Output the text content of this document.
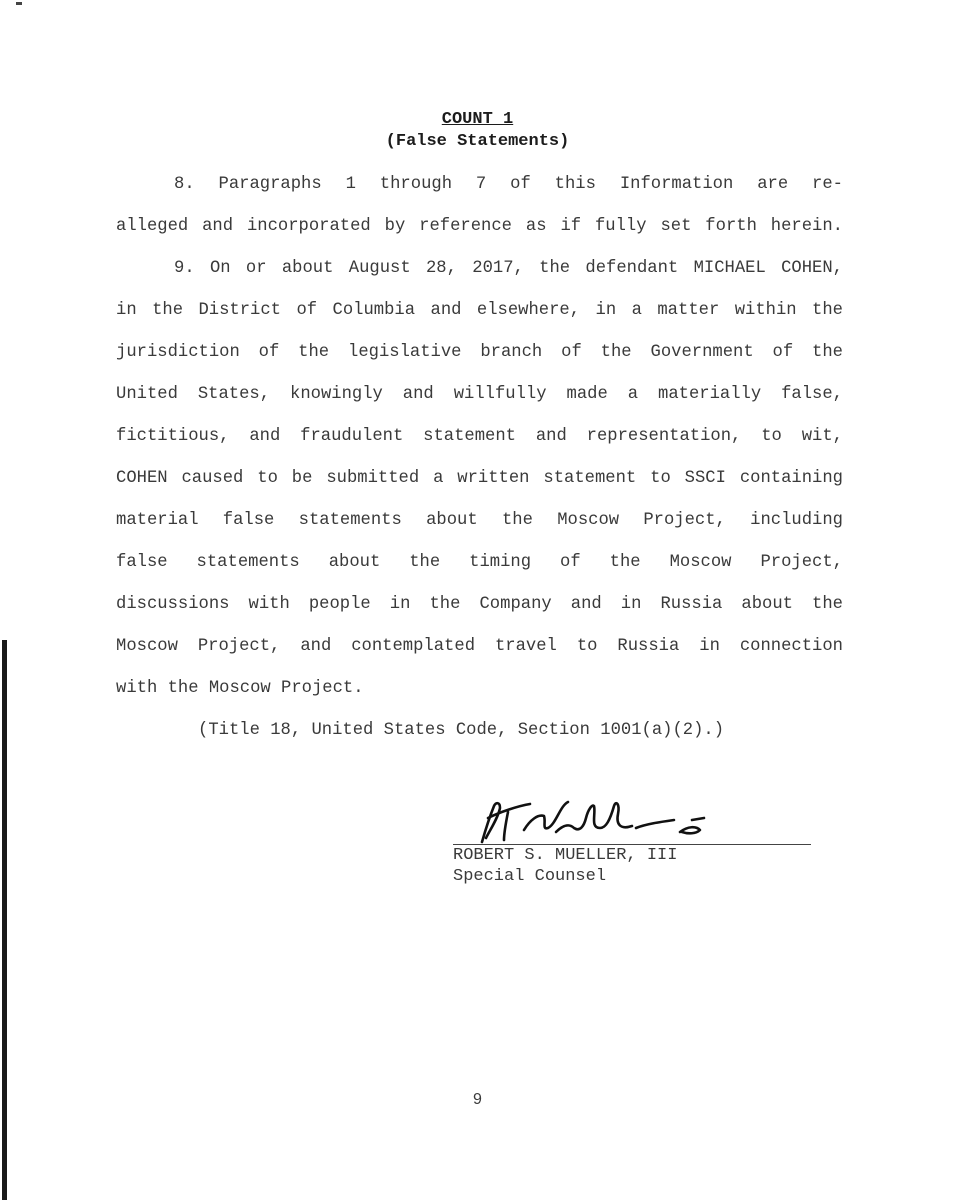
COUNT 1
(False Statements)
8. Paragraphs 1 through 7 of this Information are re-
alleged and incorporated by reference as if fully set forth herein.
9. On or about August 28, 2017, the defendant MICHAEL COHEN,
in the District of Columbia and elsewhere, in a matter within the
jurisdiction of the legislative branch of the Government of the
United States, knowingly and willfully made a materially false,
fictitious, and fraudulent statement and representation, to wit,
COHEN caused to be submitted a written statement to SSCI containing
material false statements about the Moscow Project, including
false statements about the timing of the Moscow Project,
discussions with people in the Company and in Russia about the
Moscow Project, and contemplated travel to Russia in connection
with the Moscow Project.
(Title 18, United States Code, Section 1001(a)(2).)
ROBERT S. MUELLER, III
Special Counsel
9
